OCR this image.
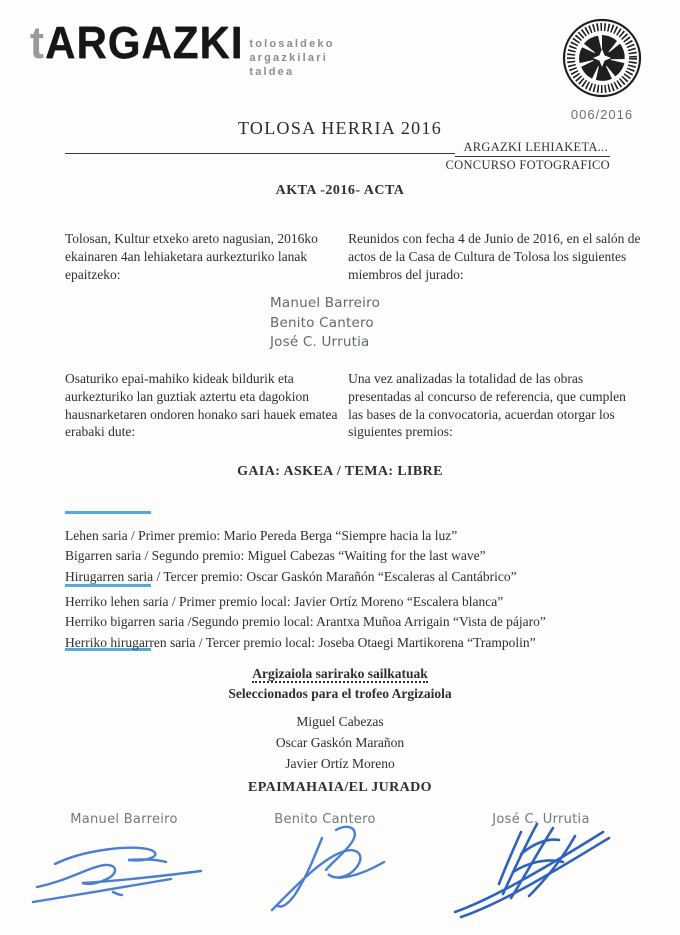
tARGAZKI tolosaldeko
argazkilari
taldea
006/2016
TOLOSA HERRIA 2016
ARGAZKI LEHIAKETA...
CONCURSO FOTOGRAFICO
AKTA -2016- ACTA
Tolosan, Kultur etxeko areto nagusian, 2016ko ekainaren 4an lehiaketara aurkezturiko lanak epaitzeko:
Reunidos con fecha 4 de Junio de 2016, en el salón de actos de la Casa de Cultura de Tolosa los siguientes miembros del jurado:
Manuel Barreiro
Benito Cantero
José C. Urrutia
Osaturiko epai-mahiko kideak bildurik eta aurkezturiko lan guztiak aztertu eta dagokion hausnarketaren ondoren honako sari hauek ematea erabaki dute:
Una vez analizadas la totalidad de las obras presentadas al concurso de referencia, que cumplen las bases de la convocatoria, acuerdan otorgar los siguientes premios:
GAIA: ASKEA / TEMA: LIBRE
Lehen saria / Primer premio: Mario Pereda Berga “Siempre hacia la luz”
Bigarren saria / Segundo premio: Miguel Cabezas “Waiting for the last wave”
Hirugarren saria / Tercer premio: Oscar Gaskón Marañón “Escaleras al Cantábrico”
Herriko lehen saria / Primer premio local: Javier Ortíz Moreno “Escalera blanca”
Herriko bigarren saria /Segundo premio local: Arantxa Muñoa Arrigain “Vista de pájaro”
Herriko hirugarren saria / Tercer premio local: Joseba Otaegi Martikorena “Trampolin”
Argizaiola sarirako sailkatuak
Seleccionados para el trofeo Argizaiola
Miguel Cabezas
Oscar Gaskón Marañon
Javier Ortíz Moreno
EPAIMAHAIA/EL JURADO
Manuel Barreiro	Benito Cantero	José C. Urrutia
